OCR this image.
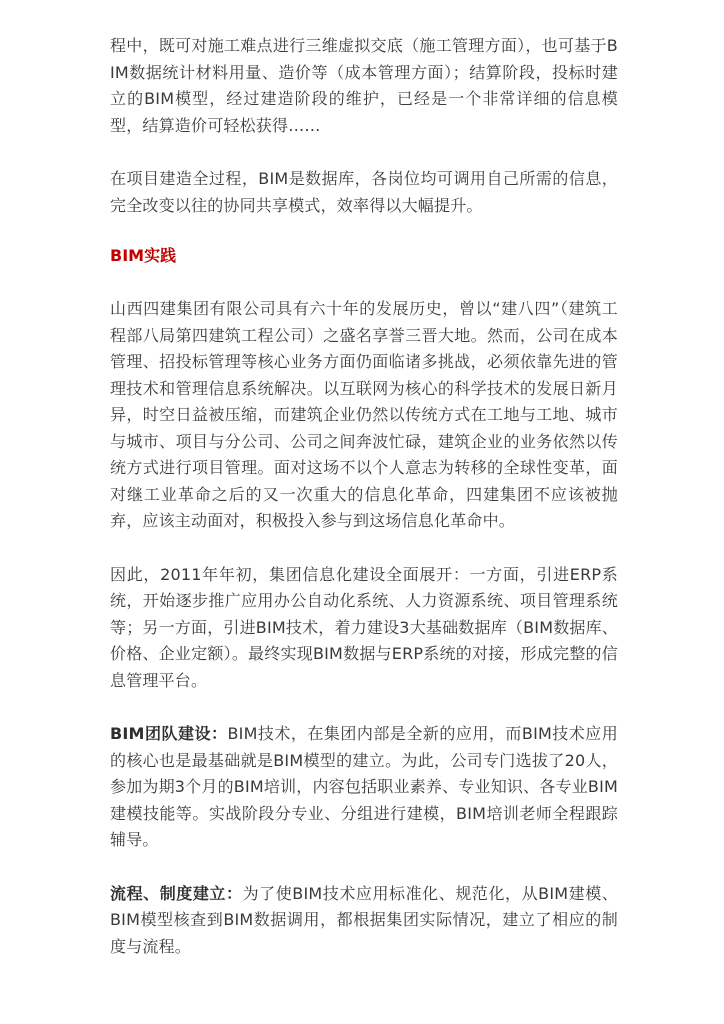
程中，既可对施工难点进行三维虚拟交底（施工管理方面），也可基于BIM数据统计材料用量、造价等（成本管理方面）；结算阶段，投标时建立的BIM模型，经过建造阶段的维护，已经是一个非常详细的信息模型，结算造价可轻松获得……

在项目建造全过程，BIM是数据库，各岗位均可调用自己所需的信息，完全改变以往的协同共享模式，效率得以大幅提升。

BIM实践

山西四建集团有限公司具有六十年的发展历史，曾以“建八四”（建筑工程部八局第四建筑工程公司）之盛名享誉三晋大地。然而，公司在成本管理、招投标管理等核心业务方面仍面临诸多挑战，必须依靠先进的管理技术和管理信息系统解决。以互联网为核心的科学技术的发展日新月异，时空日益被压缩，而建筑企业仍然以传统方式在工地与工地、城市与城市、项目与分公司、公司之间奔波忙碌，建筑企业的业务依然以传统方式进行项目管理。面对这场不以个人意志为转移的全球性变革，面对继工业革命之后的又一次重大的信息化革命，四建集团不应该被抛弃，应该主动面对，积极投入参与到这场信息化革命中。

因此，2011年年初，集团信息化建设全面展开：一方面，引进ERP系统，开始逐步推广应用办公自动化系统、人力资源系统、项目管理系统等；另一方面，引进BIM技术，着力建设3大基础数据库（BIM数据库、价格、企业定额）。最终实现BIM数据与ERP系统的对接，形成完整的信息管理平台。

BIM团队建设：BIM技术，在集团内部是全新的应用，而BIM技术应用的核心也是最基础就是BIM模型的建立。为此，公司专门选拔了20人，参加为期3个月的BIM培训，内容包括职业素养、专业知识、各专业BIM建模技能等。实战阶段分专业、分组进行建模，BIM培训老师全程跟踪辅导。

流程、制度建立：为了使BIM技术应用标准化、规范化，从BIM建模、BIM模型核查到BIM数据调用，都根据集团实际情况，建立了相应的制度与流程。
